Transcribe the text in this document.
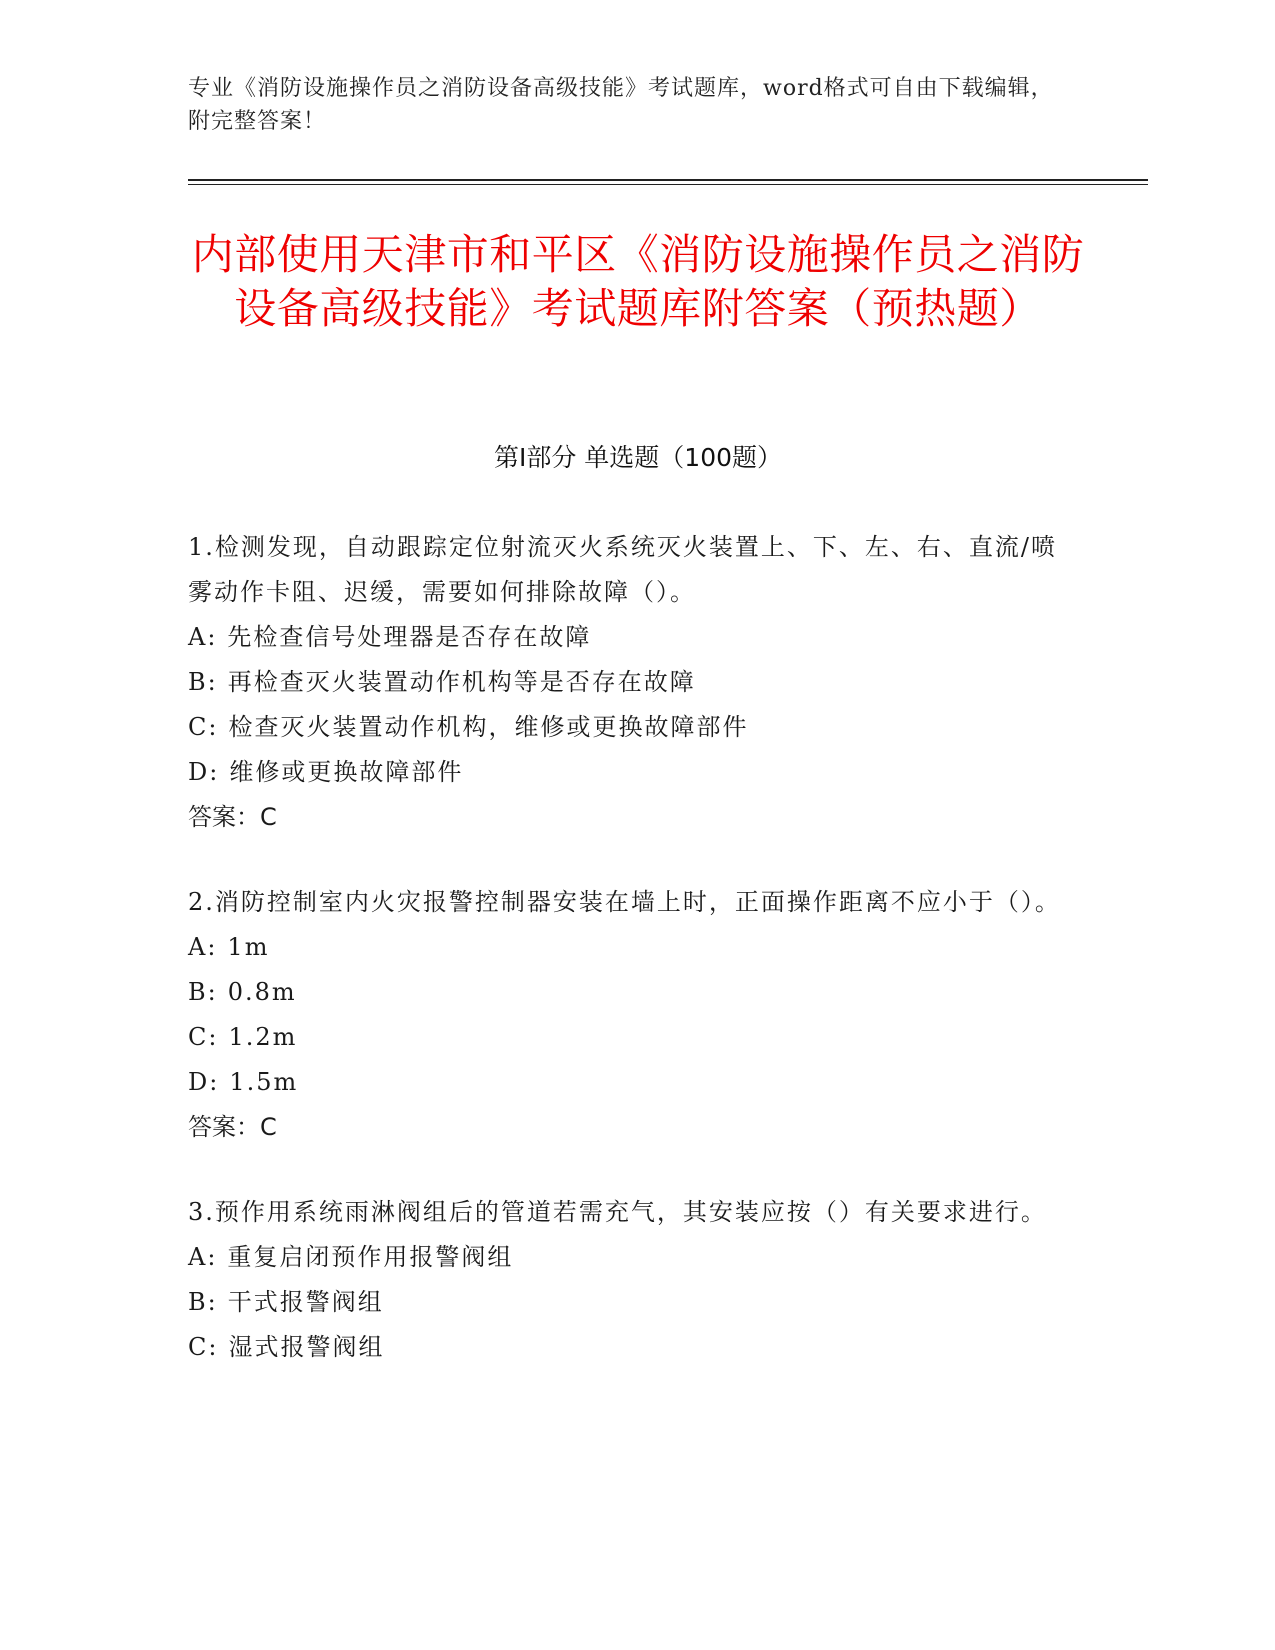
专业《消防设施操作员之消防设备高级技能》考试题库，word格式可自由下载编辑，附完整答案！
内部使用天津市和平区《消防设施操作员之消防设备高级技能》考试题库附答案（预热题）
第Ⅰ部分 单选题（100题）

1.检测发现，自动跟踪定位射流灭火系统灭火装置上、下、左、右、直流/喷雾动作卡阻、迟缓，需要如何排除故障（）。

A: 先检查信号处理器是否存在故障

B: 再检查灭火装置动作机构等是否存在故障

C: 检查灭火装置动作机构，维修或更换故障部件

D: 维修或更换故障部件

答案：C

2.消防控制室内火灾报警控制器安装在墙上时，正面操作距离不应小于（）。

A: 1m

B: 0.8m

C: 1.2m

D: 1.5m

答案：C

3.预作用系统雨淋阀组后的管道若需充气，其安装应按（）有关要求进行。

A: 重复启闭预作用报警阀组

B: 干式报警阀组

C: 湿式报警阀组
